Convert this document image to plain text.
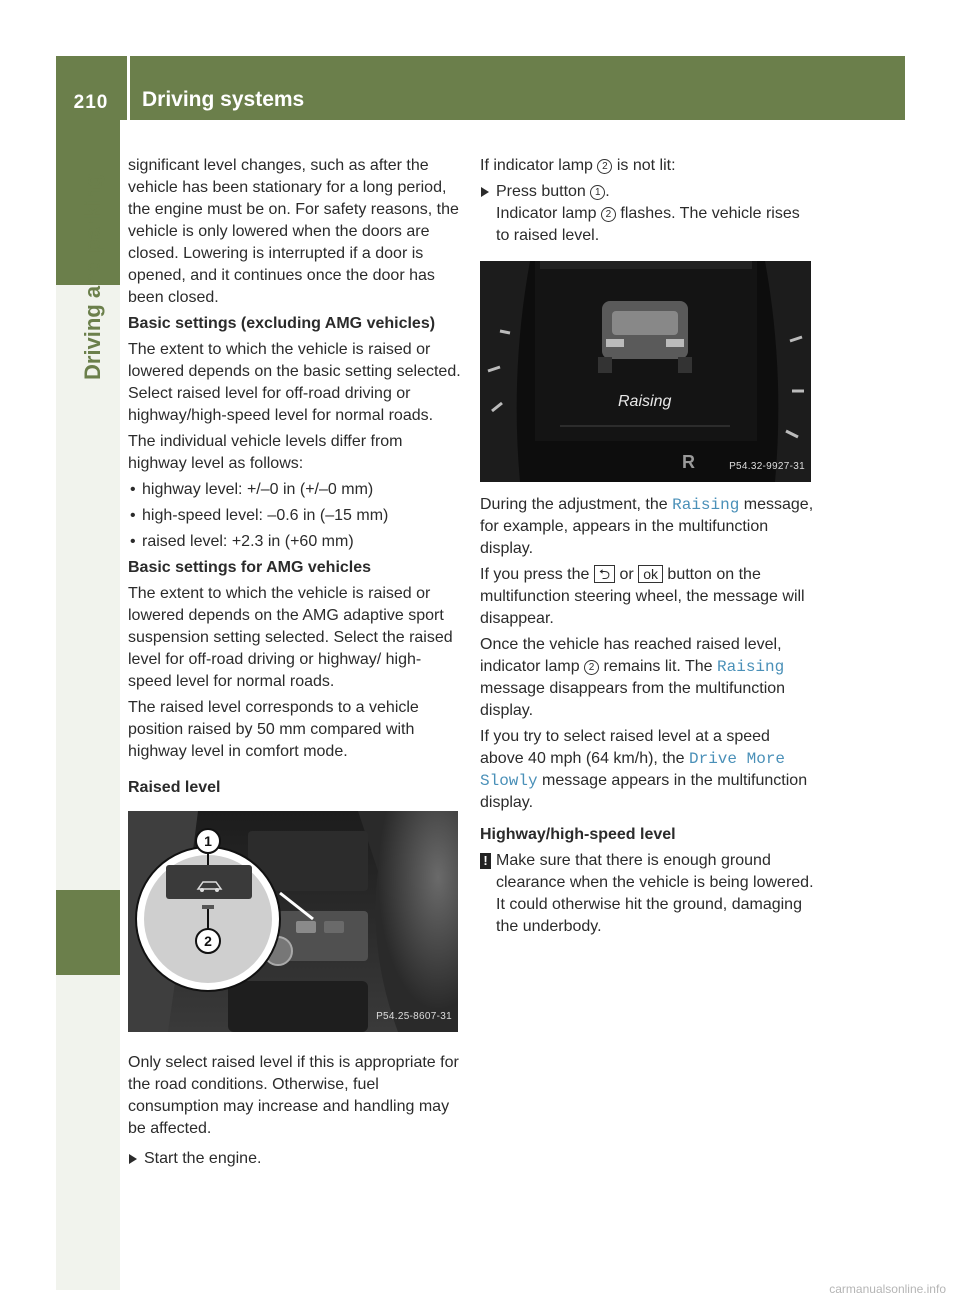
210	Driving systems
Driving and parking

significant level changes, such as after the vehicle has been stationary for a long period, the engine must be on. For safety reasons, the vehicle is only lowered when the doors are closed. Lowering is interrupted if a door is opened, and it continues once the door has been closed.

Basic settings (excluding AMG vehicles)

The extent to which the vehicle is raised or lowered depends on the basic setting selected. Select raised level for off-road driving or highway/high-speed level for normal roads.

The individual vehicle levels differ from highway level as follows:

• highway level: +/–0 in (+/–0 mm)
• high-speed level: –0.6 in (–15 mm)
• raised level: +2.3 in (+60 mm)

Basic settings for AMG vehicles

The extent to which the vehicle is raised or lowered depends on the AMG adaptive sport suspension setting selected. Select the raised level for off-road driving or highway/ high-speed level for normal roads.

The raised level corresponds to a vehicle position raised by 50 mm compared with highway level in comfort mode.

Raised level

1
2
P54.25-8607-31

Only select raised level if this is appropriate for the road conditions. Otherwise, fuel consumption may increase and handling may be affected.

Start the engine.

If indicator lamp 2 is not lit:

Press button 1 .
Indicator lamp 2 flashes. The vehicle rises to raised level.
Raising
R	P54.32-9927-31

During the adjustment, the Raising message, for example, appears in the multifunction display.

If you press the ⮌ or ok button on the multifunction steering wheel, the message will disappear.

Once the vehicle has reached raised level, indicator lamp 2 remains lit. The Raising message disappears from the multifunction display.

If you try to select raised level at a speed above 40 mph (64 km/h), the Drive More Slowly message appears in the multifunction display.

Highway/high-speed level

! Make sure that there is enough ground clearance when the vehicle is being lowered. It could otherwise hit the ground, damaging the underbody.
carmanualsonline.info
